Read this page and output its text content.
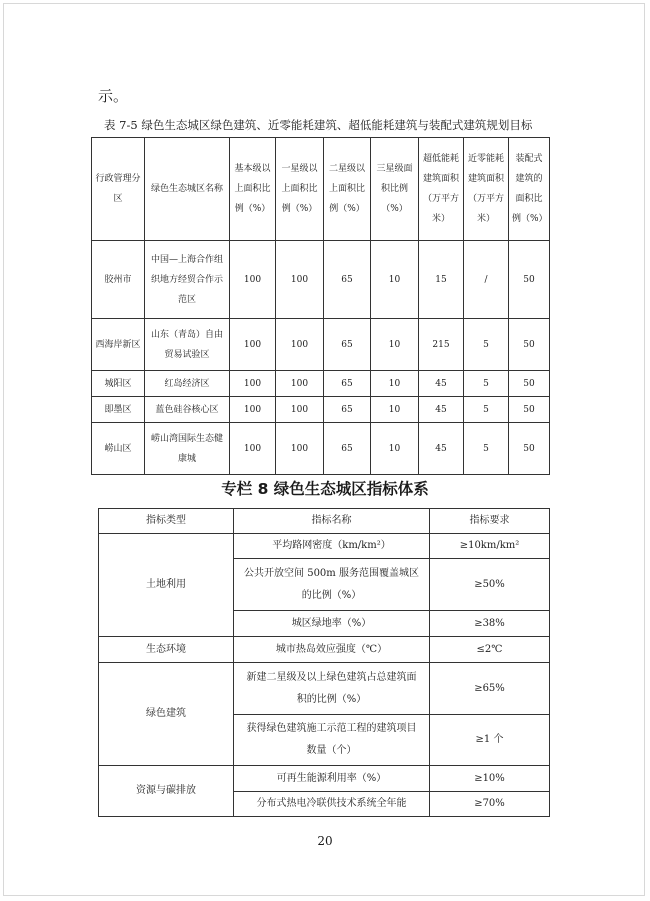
示。
表 7-5 绿色生态城区绿色建筑、近零能耗建筑、超低能耗建筑与装配式建筑规划目标
行政管理分区	绿色生态城区名称	基本级以上面积比例（%）	一星级以上面积比例（%）	二星级以上面积比例（%）	三星级面积比例（%）	超低能耗建筑面积（万平方米）	近零能耗建筑面积（万平方米）	装配式建筑的面积比例（%）
胶州市	中国—上海合作组织地方经贸合作示范区	100	100	65	10	15	/	50
西海岸新区	山东（青岛）自由贸易试验区	100	100	65	10	215	5	50
城阳区	红岛经济区	100	100	65	10	45	5	50
即墨区	蓝色硅谷核心区	100	100	65	10	45	5	50
崂山区	崂山湾国际生态健康城	100	100	65	10	45	5	50
专栏 8 绿色生态城区指标体系
指标类型	指标名称	指标要求
土地利用	平均路网密度（km/km²）	≥10km/km²
	公共开放空间 500m 服务范围覆盖城区的比例（%）	≥50%
	城区绿地率（%）	≥38%
生态环境	城市热岛效应强度（℃）	≤2℃
绿色建筑	新建二星级及以上绿色建筑占总建筑面积的比例（%）	≥65%
	获得绿色建筑施工示范工程的建筑项目数量（个）	≥1 个
资源与碳排放	可再生能源利用率（%）	≥10%
	分布式热电冷联供技术系统全年能	≥70%
20
